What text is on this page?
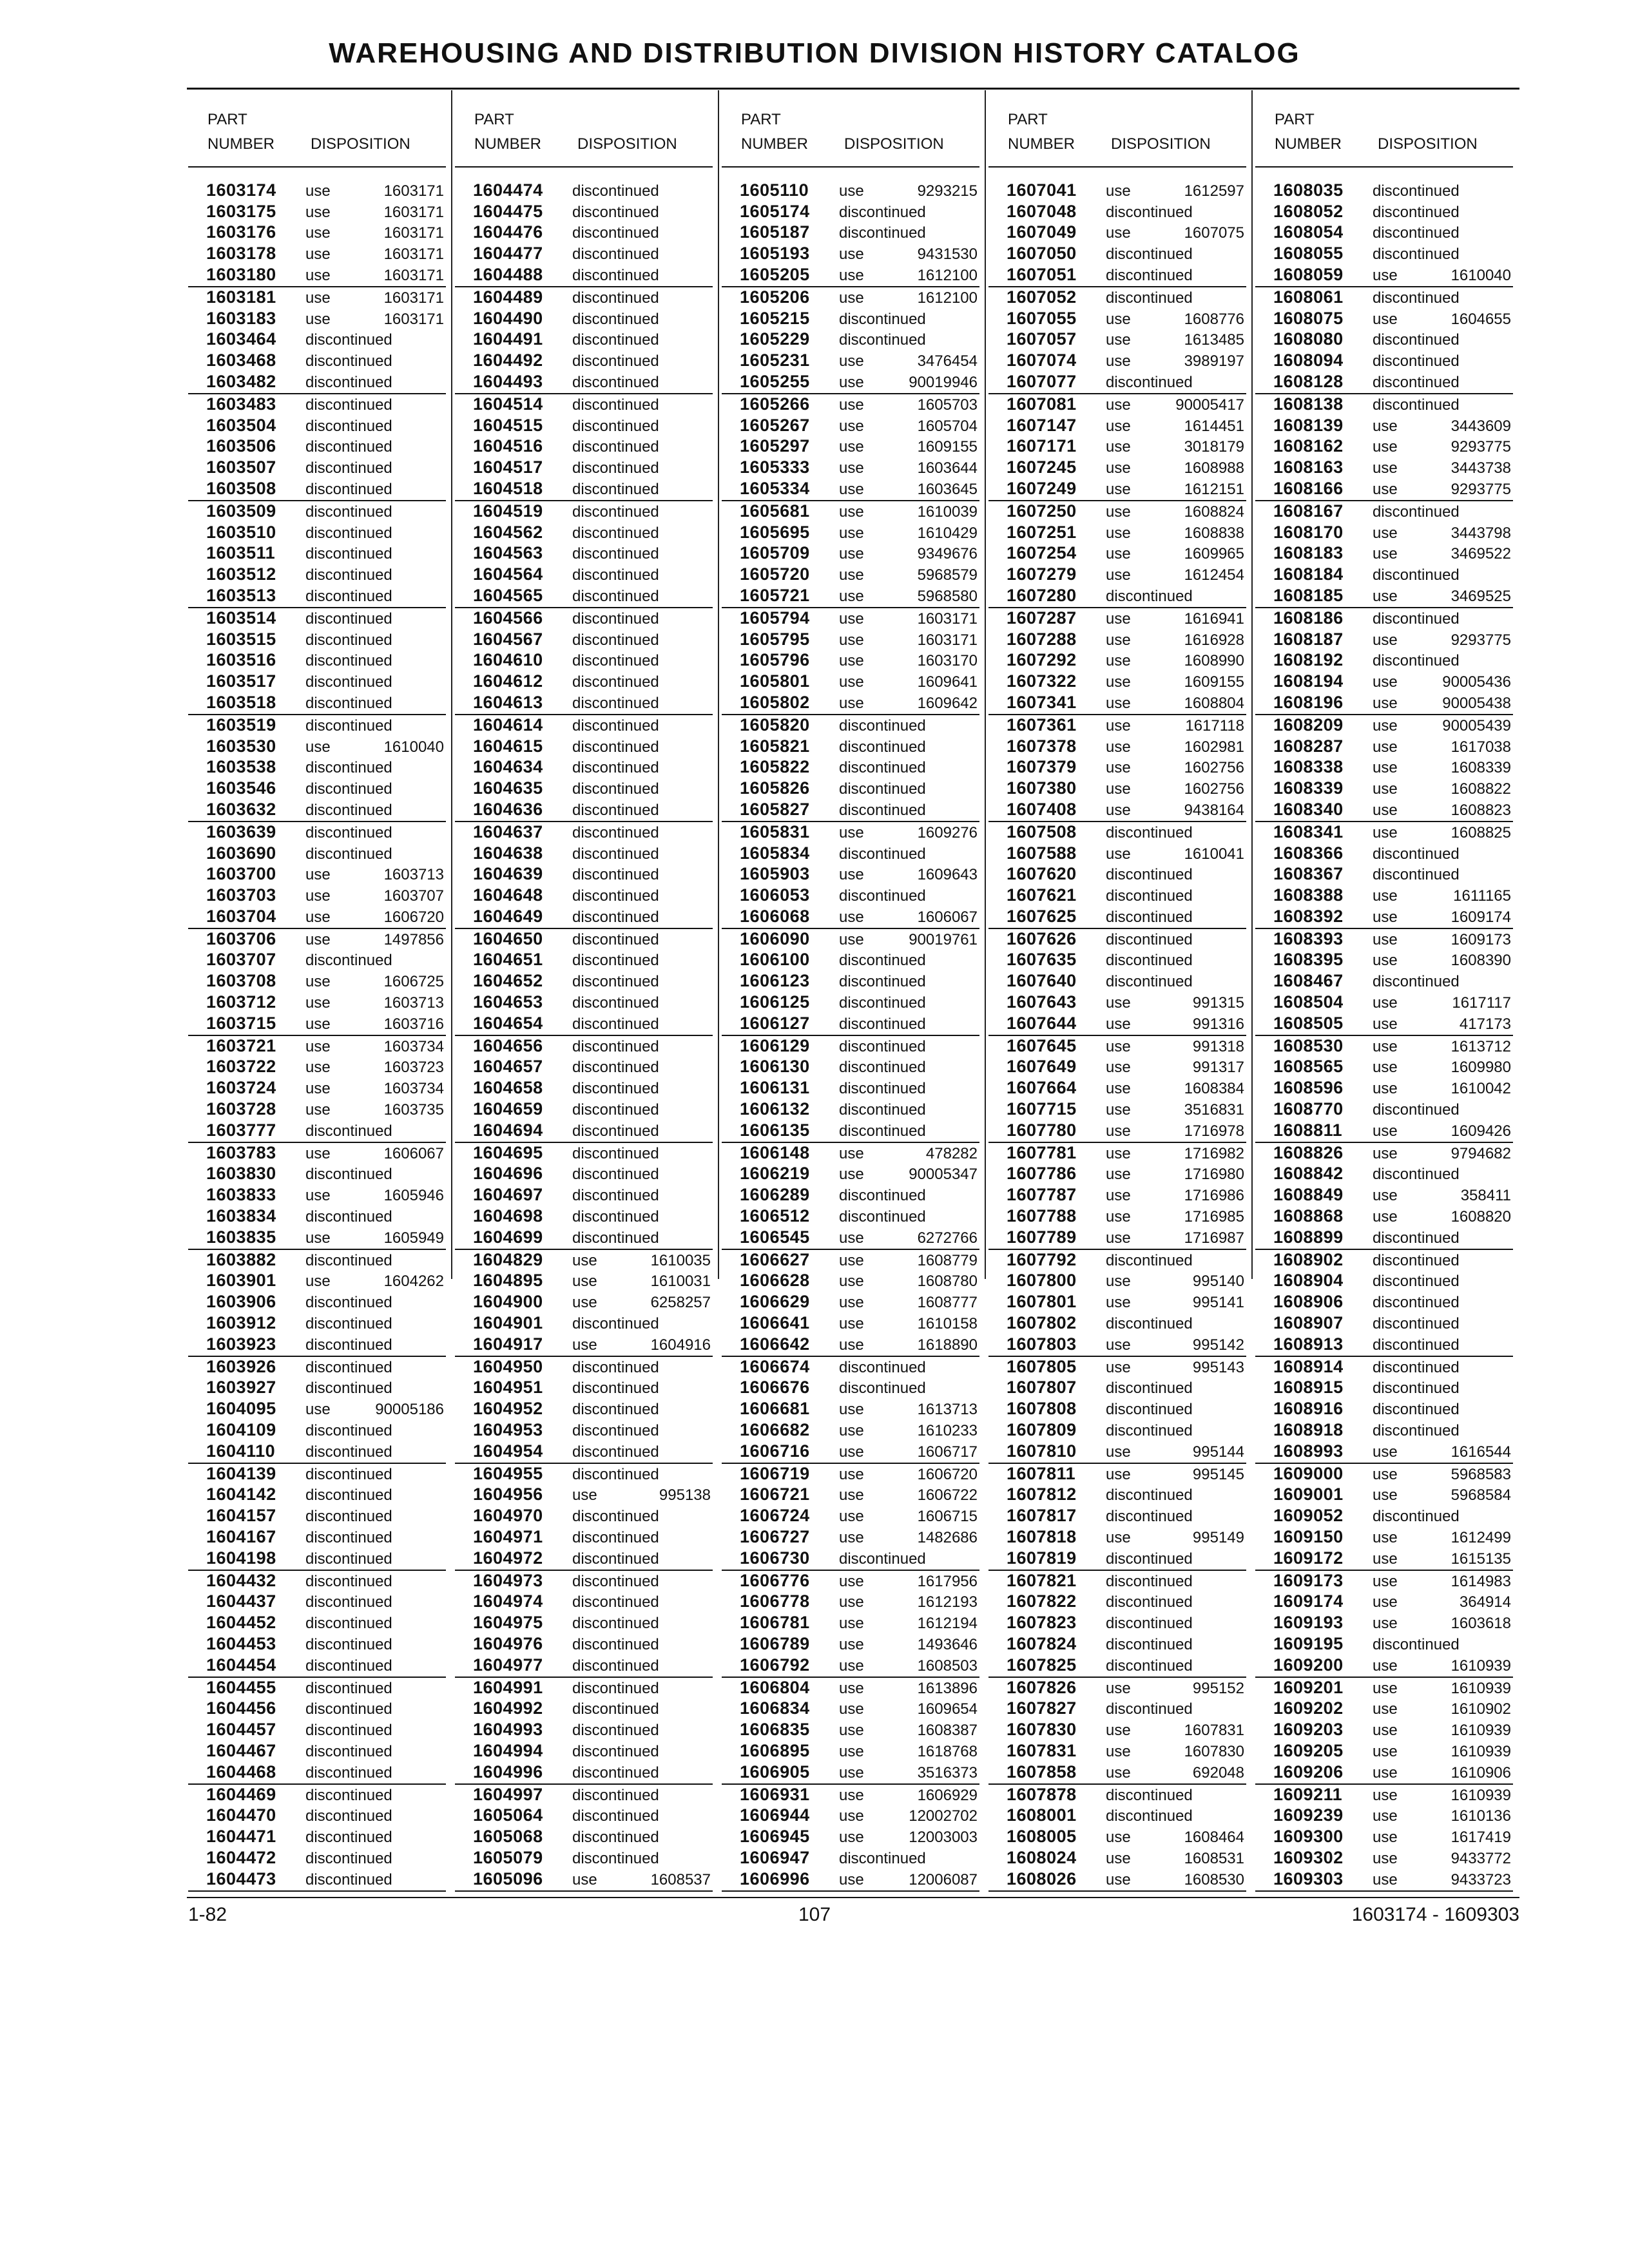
WAREHOUSING AND DISTRIBUTION DIVISION HISTORY CATALOG
PART
NUMBER DISPOSITION
1603174 use	1603171
1603175 use	1603171
1603176 use	1603171
1603178 use	1603171
1603180 use	1603171
1603181 use	1603171
1603183 use	1603171
1603464 discontinued
1603468 discontinued
1603482 discontinued
1603483 discontinued
1603504 discontinued
1603506 discontinued
1603507 discontinued
1603508 discontinued
1603509 discontinued
1603510 discontinued
1603511 discontinued
1603512 discontinued
1603513 discontinued
1603514 discontinued
1603515 discontinued
1603516 discontinued
1603517 discontinued
1603518 discontinued
1603519 discontinued
1603530 use	1610040
1603538 discontinued
1603546 discontinued
1603632 discontinued
1603639 discontinued
1603690 discontinued
1603700 use	1603713
1603703 use	1603707
1603704 use	1606720
1603706 use	1497856
1603707 discontinued
1603708 use	1606725
1603712 use	1603713
1603715 use	1603716
1603721 use	1603734
1603722 use	1603723
1603724 use	1603734
1603728 use	1603735
1603777 discontinued
1603783 use	1606067
1603830 discontinued
1603833 use	1605946
1603834 discontinued
1603835 use	1605949
1603882 discontinued
1603901 use	1604262
1603906 discontinued
1603912 discontinued
1603923 discontinued
1603926 discontinued
1603927 discontinued
1604095 use	90005186
1604109 discontinued
1604110 discontinued
1604139 discontinued
1604142 discontinued
1604157 discontinued
1604167 discontinued
1604198 discontinued
1604432 discontinued
1604437 discontinued
1604452 discontinued
1604453 discontinued
1604454 discontinued
1604455 discontinued
1604456 discontinued
1604457 discontinued
1604467 discontinued
1604468 discontinued
1604469 discontinued
1604470 discontinued
1604471 discontinued
1604472 discontinued
1604473 discontinued
PART
NUMBER DISPOSITION
1604474 discontinued
1604475 discontinued
1604476 discontinued
1604477 discontinued
1604488 discontinued
1604489 discontinued
1604490 discontinued
1604491 discontinued
1604492 discontinued
1604493 discontinued
1604514 discontinued
1604515 discontinued
1604516 discontinued
1604517 discontinued
1604518 discontinued
1604519 discontinued
1604562 discontinued
1604563 discontinued
1604564 discontinued
1604565 discontinued
1604566 discontinued
1604567 discontinued
1604610 discontinued
1604612 discontinued
1604613 discontinued
1604614 discontinued
1604615 discontinued
1604634 discontinued
1604635 discontinued
1604636 discontinued
1604637 discontinued
1604638 discontinued
1604639 discontinued
1604648 discontinued
1604649 discontinued
1604650 discontinued
1604651 discontinued
1604652 discontinued
1604653 discontinued
1604654 discontinued
1604656 discontinued
1604657 discontinued
1604658 discontinued
1604659 discontinued
1604694 discontinued
1604695 discontinued
1604696 discontinued
1604697 discontinued
1604698 discontinued
1604699 discontinued
1604829 use	1610035
1604895 use	1610031
1604900 use	6258257
1604901 discontinued
1604917 use	1604916
1604950 discontinued
1604951 discontinued
1604952 discontinued
1604953 discontinued
1604954 discontinued
1604955 discontinued
1604956 use	995138
1604970 discontinued
1604971 discontinued
1604972 discontinued
1604973 discontinued
1604974 discontinued
1604975 discontinued
1604976 discontinued
1604977 discontinued
1604991 discontinued
1604992 discontinued
1604993 discontinued
1604994 discontinued
1604996 discontinued
1604997 discontinued
1605064 discontinued
1605068 discontinued
1605079 discontinued
1605096 use	1608537
PART
NUMBER DISPOSITION
1605110 use	9293215
1605174 discontinued
1605187 discontinued
1605193 use	9431530
1605205 use	1612100
1605206 use	1612100
1605215 discontinued
1605229 discontinued
1605231 use	3476454
1605255 use	90019946
1605266 use	1605703
1605267 use	1605704
1605297 use	1609155
1605333 use	1603644
1605334 use	1603645
1605681 use	1610039
1605695 use	1610429
1605709 use	9349676
1605720 use	5968579
1605721 use	5968580
1605794 use	1603171
1605795 use	1603171
1605796 use	1603170
1605801 use	1609641
1605802 use	1609642
1605820 discontinued
1605821 discontinued
1605822 discontinued
1605826 discontinued
1605827 discontinued
1605831 use	1609276
1605834 discontinued
1605903 use	1609643
1606053 discontinued
1606068 use	1606067
1606090 use	90019761
1606100 discontinued
1606123 discontinued
1606125 discontinued
1606127 discontinued
1606129 discontinued
1606130 discontinued
1606131 discontinued
1606132 discontinued
1606135 discontinued
1606148 use	478282
1606219 use	90005347
1606289 discontinued
1606512 discontinued
1606545 use	6272766
1606627 use	1608779
1606628 use	1608780
1606629 use	1608777
1606641 use	1610158
1606642 use	1618890
1606674 discontinued
1606676 discontinued
1606681 use	1613713
1606682 use	1610233
1606716 use	1606717
1606719 use	1606720
1606721 use	1606722
1606724 use	1606715
1606727 use	1482686
1606730 discontinued
1606776 use	1617956
1606778 use	1612193
1606781 use	1612194
1606789 use	1493646
1606792 use	1608503
1606804 use	1613896
1606834 use	1609654
1606835 use	1608387
1606895 use	1618768
1606905 use	3516373
1606931 use	1606929
1606944 use	12002702
1606945 use	12003003
1606947 discontinued
1606996 use	12006087
PART
NUMBER DISPOSITION
1607041 use	1612597
1607048 discontinued
1607049 use	1607075
1607050 discontinued
1607051 discontinued
1607052 discontinued
1607055 use	1608776
1607057 use	1613485
1607074 use	3989197
1607077 discontinued
1607081 use	90005417
1607147 use	1614451
1607171 use	3018179
1607245 use	1608988
1607249 use	1612151
1607250 use	1608824
1607251 use	1608838
1607254 use	1609965
1607279 use	1612454
1607280 discontinued
1607287 use	1616941
1607288 use	1616928
1607292 use	1608990
1607322 use	1609155
1607341 use	1608804
1607361 use	1617118
1607378 use	1602981
1607379 use	1602756
1607380 use	1602756
1607408 use	9438164
1607508 discontinued
1607588 use	1610041
1607620 discontinued
1607621 discontinued
1607625 discontinued
1607626 discontinued
1607635 discontinued
1607640 discontinued
1607643 use	991315
1607644 use	991316
1607645 use	991318
1607649 use	991317
1607664 use	1608384
1607715 use	3516831
1607780 use	1716978
1607781 use	1716982
1607786 use	1716980
1607787 use	1716986
1607788 use	1716985
1607789 use	1716987
1607792 discontinued
1607800 use	995140
1607801 use	995141
1607802 discontinued
1607803 use	995142
1607805 use	995143
1607807 discontinued
1607808 discontinued
1607809 discontinued
1607810 use	995144
1607811 use	995145
1607812 discontinued
1607817 discontinued
1607818 use	995149
1607819 discontinued
1607821 discontinued
1607822 discontinued
1607823 discontinued
1607824 discontinued
1607825 discontinued
1607826 use	995152
1607827 discontinued
1607830 use	1607831
1607831 use	1607830
1607858 use	692048
1607878 discontinued
1608001 discontinued
1608005 use	1608464
1608024 use	1608531
1608026 use	1608530
PART
NUMBER DISPOSITION
1608035 discontinued
1608052 discontinued
1608054 discontinued
1608055 discontinued
1608059 use	1610040
1608061 discontinued
1608075 use	1604655
1608080 discontinued
1608094 discontinued
1608128 discontinued
1608138 discontinued
1608139 use	3443609
1608162 use	9293775
1608163 use	3443738
1608166 use	9293775
1608167 discontinued
1608170 use	3443798
1608183 use	3469522
1608184 discontinued
1608185 use	3469525
1608186 discontinued
1608187 use	9293775
1608192 discontinued
1608194 use	90005436
1608196 use	90005438
1608209 use	90005439
1608287 use	1617038
1608338 use	1608339
1608339 use	1608822
1608340 use	1608823
1608341 use	1608825
1608366 discontinued
1608367 discontinued
1608388 use	1611165
1608392 use	1609174
1608393 use	1609173
1608395 use	1608390
1608467 discontinued
1608504 use	1617117
1608505 use	417173
1608530 use	1613712
1608565 use	1609980
1608596 use	1610042
1608770 discontinued
1608811 use	1609426
1608826 use	9794682
1608842 discontinued
1608849 use	358411
1608868 use	1608820
1608899 discontinued
1608902 discontinued
1608904 discontinued
1608906 discontinued
1608907 discontinued
1608913 discontinued
1608914 discontinued
1608915 discontinued
1608916 discontinued
1608918 discontinued
1608993 use	1616544
1609000 use	5968583
1609001 use	5968584
1609052 discontinued
1609150 use	1612499
1609172 use	1615135
1609173 use	1614983
1609174 use	364914
1609193 use	1603618
1609195 discontinued
1609200 use	1610939
1609201 use	1610939
1609202 use	1610902
1609203 use	1610939
1609205 use	1610939
1609206 use	1610906
1609211 use	1610939
1609239 use	1610136
1609300 use	1617419
1609302 use	9433772
1609303 use	9433723
1-82	107	1603174 - 1609303
